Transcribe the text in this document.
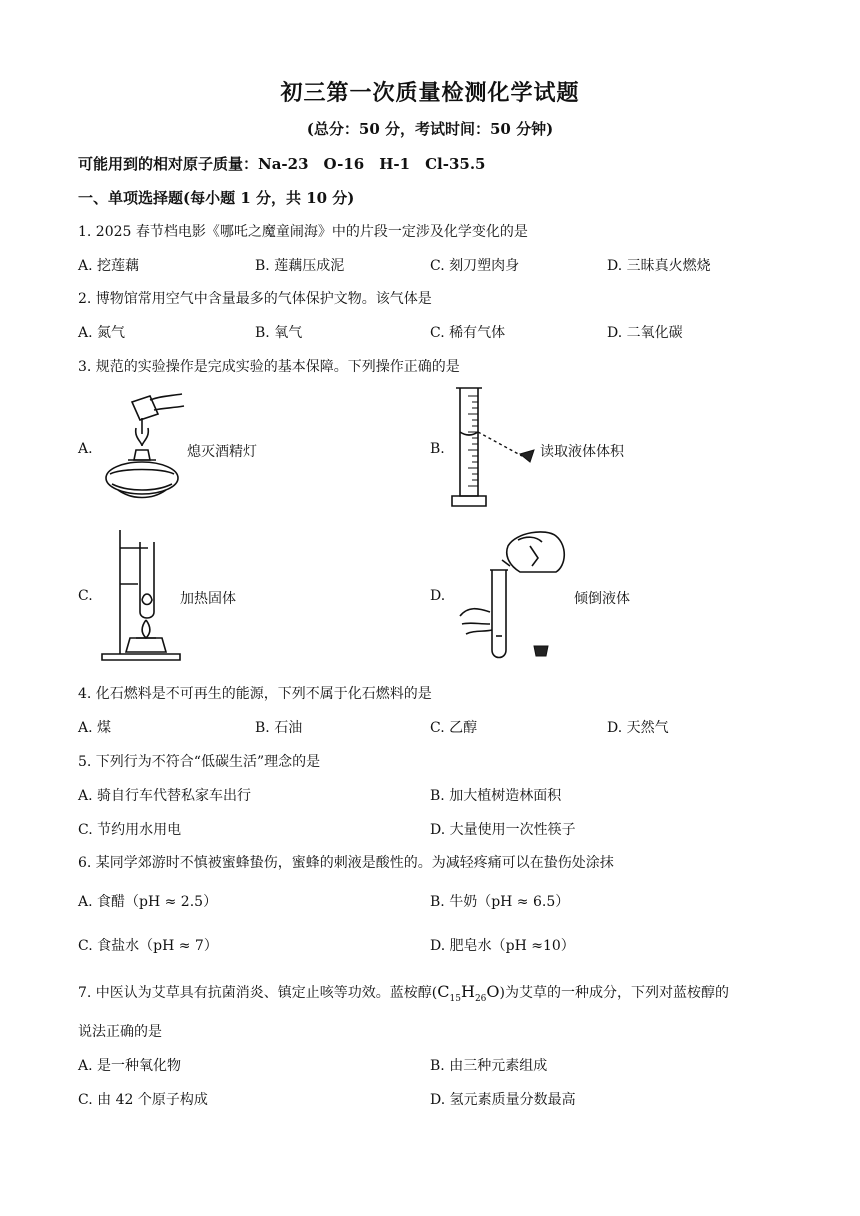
初三第一次质量检测化学试题
(总分：50 分，考试时间：50 分钟)
可能用到的相对原子质量：Na-23　O-16　H-1　Cl-35.5
一、单项选择题(每小题 1 分，共 10 分)
1. 2025 春节档电影《哪吒之魔童闹海》中的片段一定涉及化学变化的是
A. 挖莲藕	B. 莲藕压成泥	C. 刻刀塑肉身	D. 三昧真火燃烧
2. 博物馆常用空气中含量最多的气体保护文物。该气体是
A. 氮气	B. 氧气	C. 稀有气体	D. 二氧化碳
3. 规范的实验操作是完成实验的基本保障。下列操作正确的是
A.	熄灭酒精灯	B.	读取液体体积
C.	加热固体	D.	倾倒液体
4. 化石燃料是不可再生的能源，下列不属于化石燃料的是
A. 煤	B. 石油	C. 乙醇	D. 天然气
5. 下列行为不符合“低碳生活”理念的是
A. 骑自行车代替私家车出行	B. 加大植树造林面积
C. 节约用水用电	D. 大量使用一次性筷子
6. 某同学郊游时不慎被蜜蜂蛰伤，蜜蜂的刺液是酸性的。为减轻疼痛可以在蛰伤处涂抹
A. 食醋（pH ≈ 2.5）	B. 牛奶（pH ≈ 6.5）
C. 食盐水（pH ≈ 7）	D. 肥皂水（pH ≈10）
7. 中医认为艾草具有抗菌消炎、镇定止咳等功效。蓝桉醇$(C_{15}H_{26}O)$为艾草的一种成分，下列对蓝桉醇的
说法正确的是
A. 是一种氧化物	B. 由三种元素组成
C. 由 42 个原子构成	D. 氢元素质量分数最高
